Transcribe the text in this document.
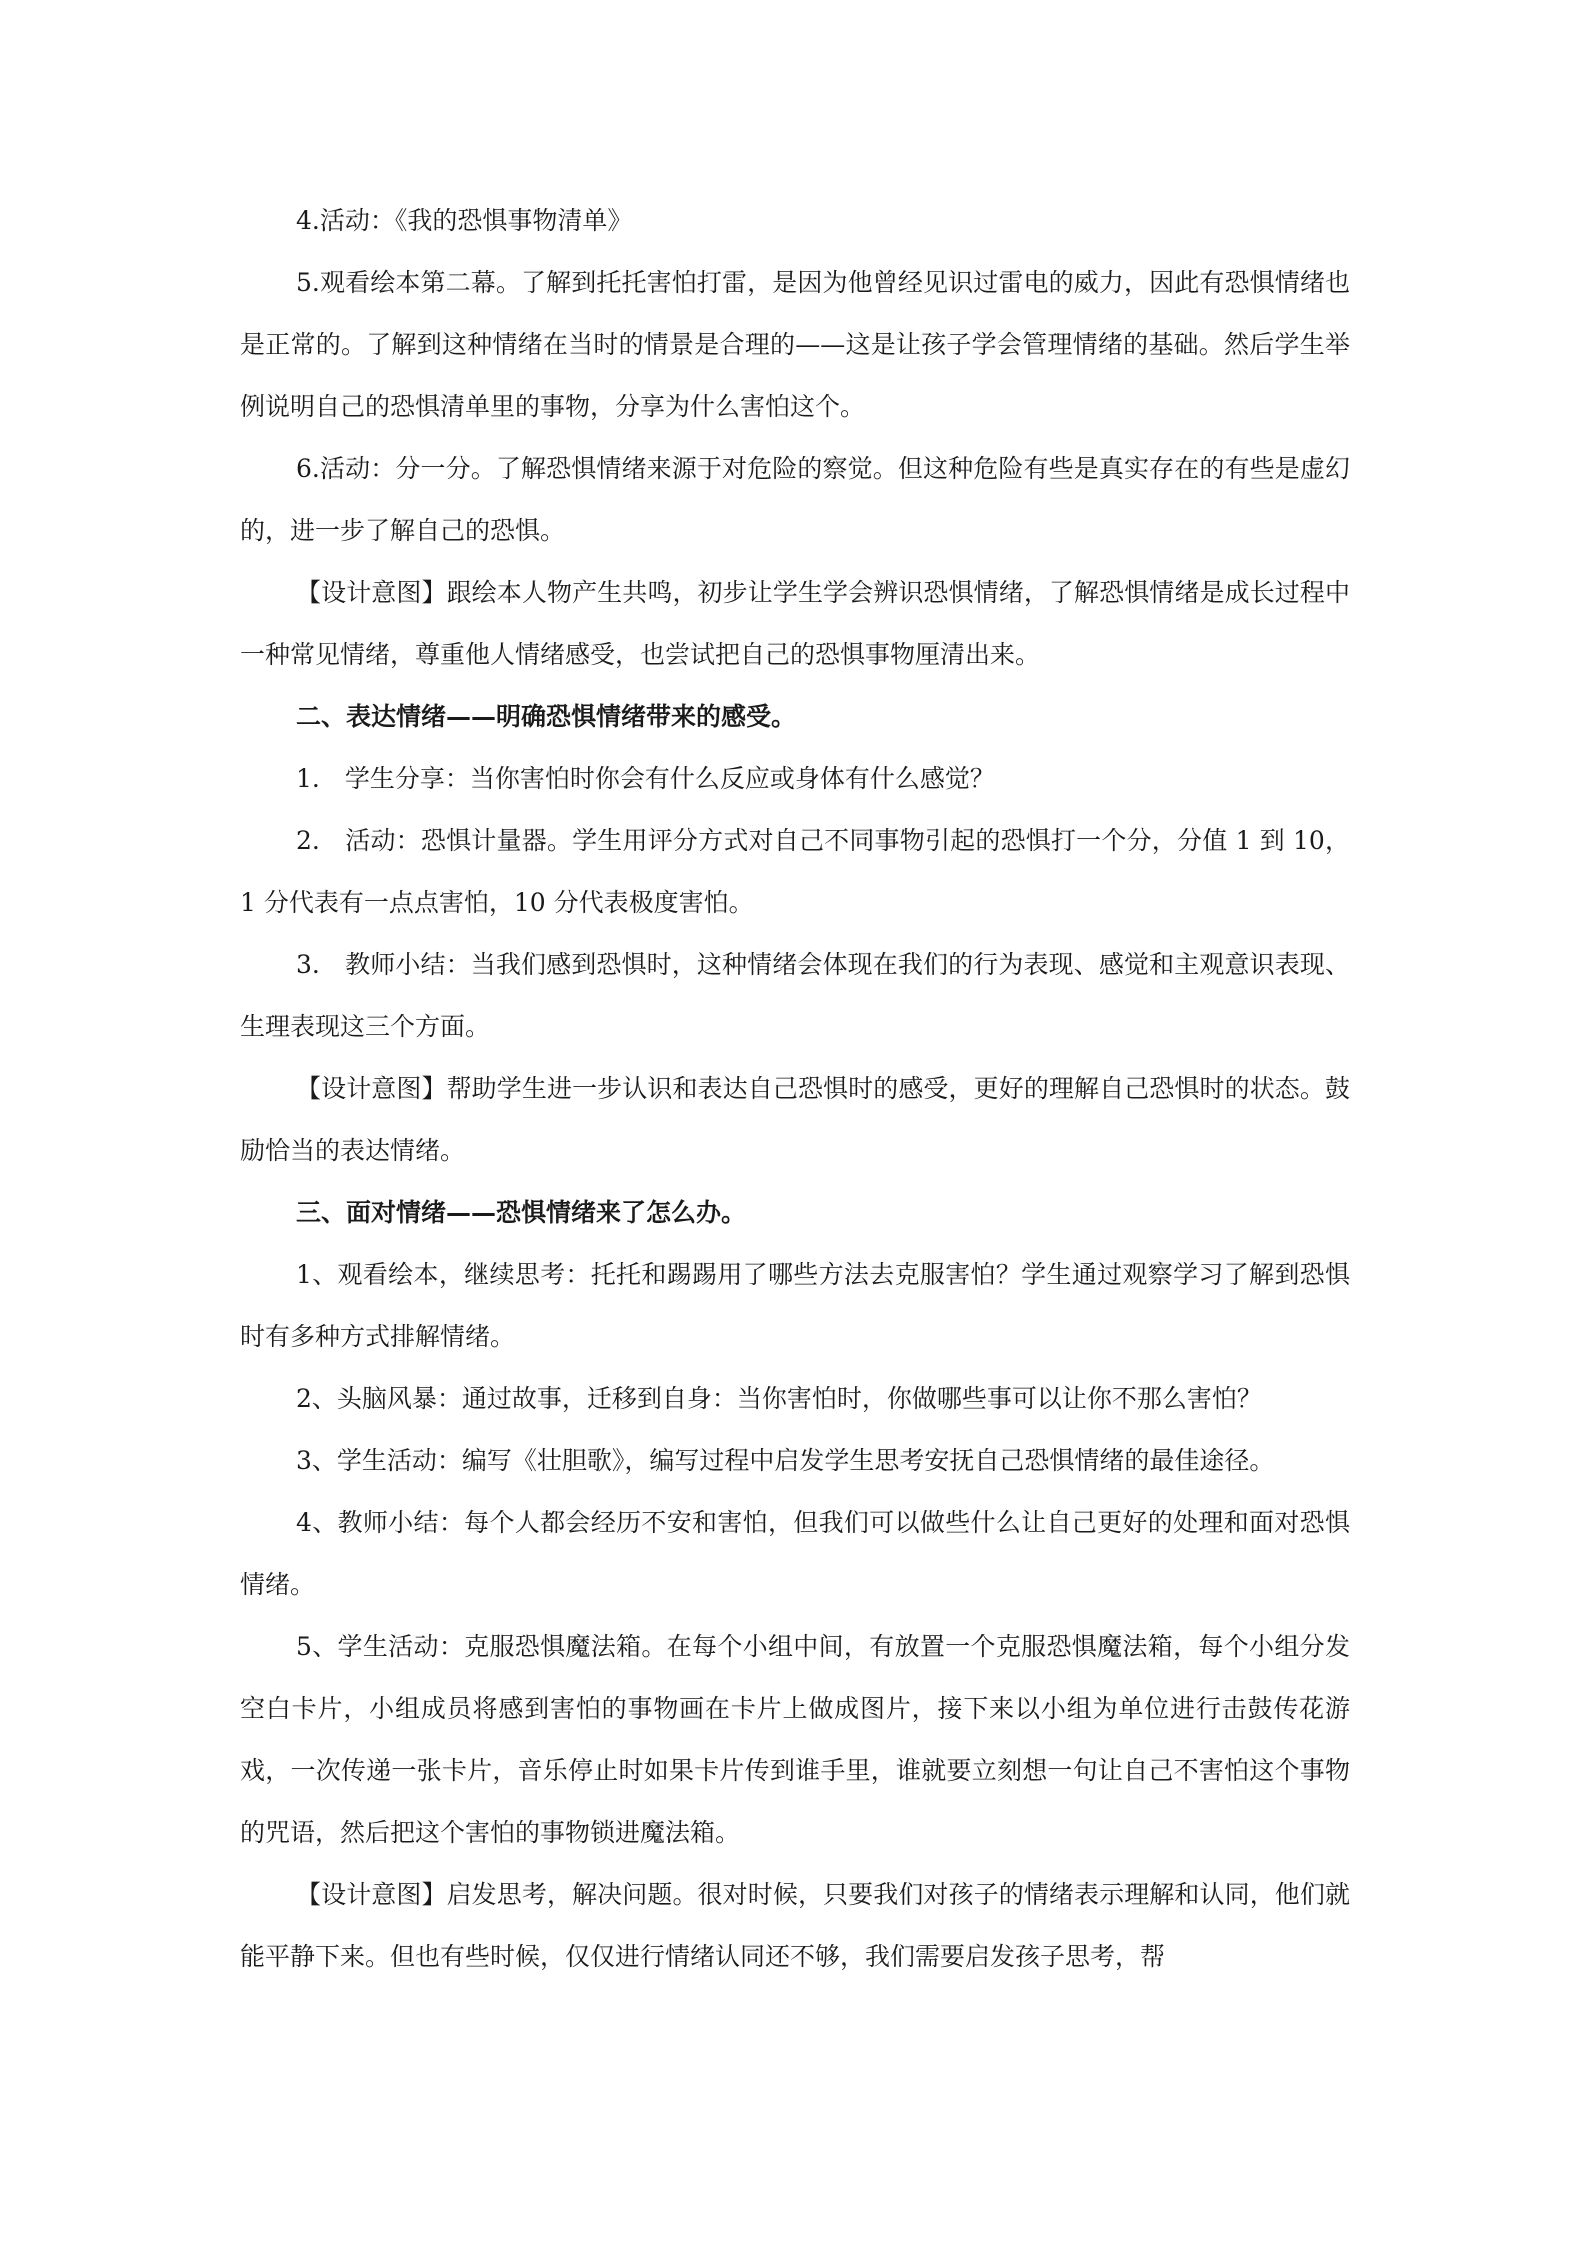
4.活动：《我的恐惧事物清单》

5.观看绘本第二幕。了解到托托害怕打雷，是因为他曾经见识过雷电的威力，因此有恐惧情绪也是正常的。了解到这种情绪在当时的情景是合理的——这是让孩子学会管理情绪的基础。然后学生举例说明自己的恐惧清单里的事物，分享为什么害怕这个。

6.活动：分一分。了解恐惧情绪来源于对危险的察觉。但这种危险有些是真实存在的有些是虚幻的，进一步了解自己的恐惧。

【设计意图】跟绘本人物产生共鸣，初步让学生学会辨识恐惧情绪，了解恐惧情绪是成长过程中一种常见情绪，尊重他人情绪感受，也尝试把自己的恐惧事物厘清出来。

二、表达情绪——明确恐惧情绪带来的感受。

1.　学生分享：当你害怕时你会有什么反应或身体有什么感觉？

2.　活动：恐惧计量器。学生用评分方式对自己不同事物引起的恐惧打一个分，分值 1 到 10，1 分代表有一点点害怕，10 分代表极度害怕。

3.　教师小结：当我们感到恐惧时，这种情绪会体现在我们的行为表现、感觉和主观意识表现、生理表现这三个方面。

【设计意图】帮助学生进一步认识和表达自己恐惧时的感受，更好的理解自己恐惧时的状态。鼓励恰当的表达情绪。

三、面对情绪——恐惧情绪来了怎么办。

1、观看绘本，继续思考：托托和踢踢用了哪些方法去克服害怕？学生通过观察学习了解到恐惧时有多种方式排解情绪。

2、头脑风暴：通过故事，迁移到自身：当你害怕时，你做哪些事可以让你不那么害怕？

3、学生活动：编写《壮胆歌》，编写过程中启发学生思考安抚自己恐惧情绪的最佳途径。

4、教师小结：每个人都会经历不安和害怕，但我们可以做些什么让自己更好的处理和面对恐惧情绪。

5、学生活动：克服恐惧魔法箱。在每个小组中间，有放置一个克服恐惧魔法箱，每个小组分发空白卡片，小组成员将感到害怕的事物画在卡片上做成图片，接下来以小组为单位进行击鼓传花游戏，一次传递一张卡片，音乐停止时如果卡片传到谁手里，谁就要立刻想一句让自己不害怕这个事物的咒语，然后把这个害怕的事物锁进魔法箱。

【设计意图】启发思考，解决问题。很对时候，只要我们对孩子的情绪表示理解和认同，他们就能平静下来。但也有些时候，仅仅进行情绪认同还不够，我们需要启发孩子思考，帮
